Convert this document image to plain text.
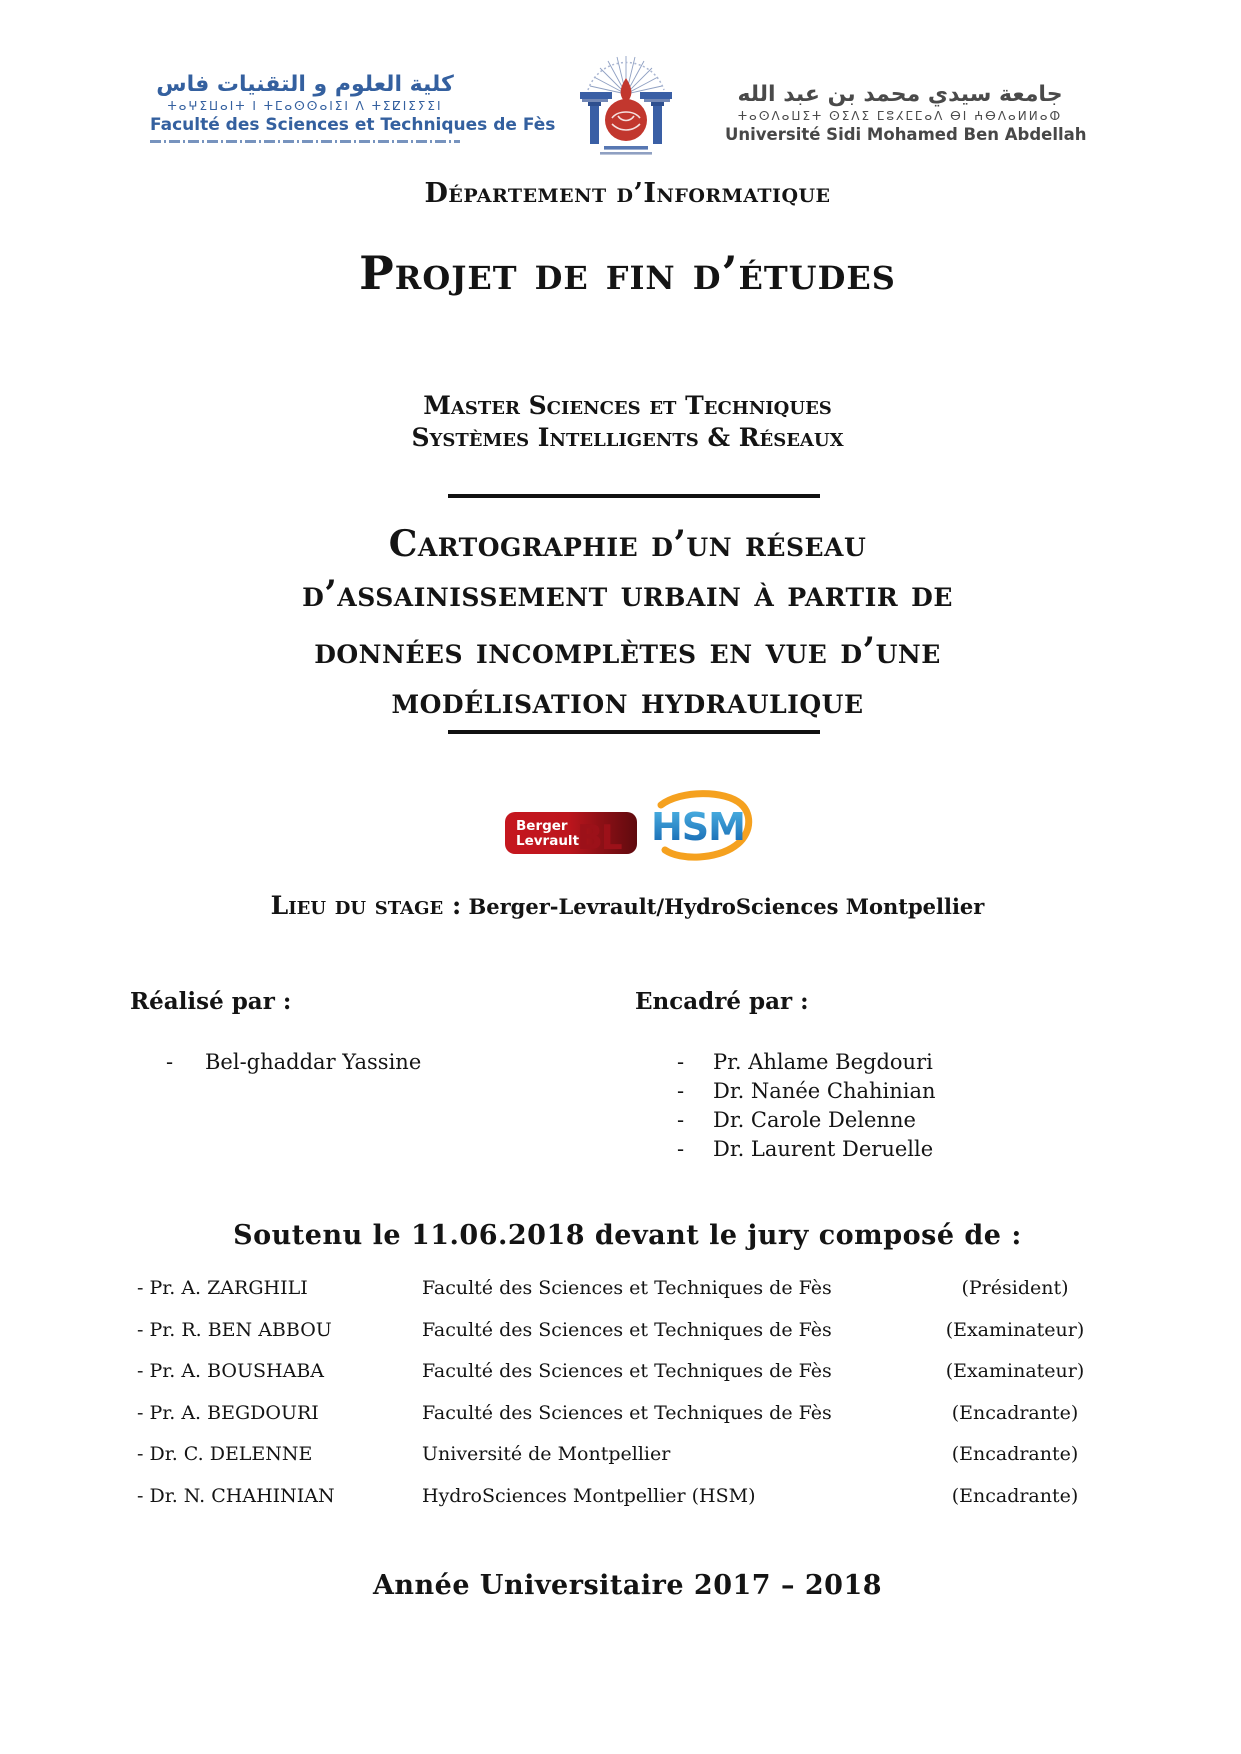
كلية العلوم و التقنيات فاس
ⵜⴰⵖⵉⵡⴰⵏⵜ ⵏ ⵜⵎⴰⵙⵙⴰⵏⵉⵏ ⴷ ⵜⵉⵇⵏⵉⵢⵉⵏ
Faculté des Sciences et Techniques de Fès
جامعة سيدي محمد بن عبد الله
ⵜⴰⵙⴷⴰⵡⵉⵜ ⵙⵉⴷⵉ ⵎⵓⵃⵎⵎⴰⴷ ⴱⵏ ⵄⴱⴷⴰⵍⵍⴰⵀ
Université Sidi Mohamed Ben Abdellah
Département d’Informatique
Projet de fin d’études
Master Sciences et Techniques
Systèmes Intelligents & Réseaux
Cartographie d’un réseau
d’assainissement urbain à partir de
données incomplètes en vue d’une
modélisation hydraulique
BL
Berger
Levrault HSM
Lieu du stage : Berger-Levrault/HydroSciences Montpellier
Réalisé par :	Encadré par :
-	Bel-ghaddar Yassine	-	Pr. Ahlame Begdouri
-	Dr. Nanée Chahinian
-	Dr. Carole Delenne
-	Dr. Laurent Deruelle
Soutenu le 11.06.2018 devant le jury composé de :
- Pr. A. ZARGHILI	Faculté des Sciences et Techniques de Fès	(Président)
- Pr. R. BEN ABBOU	Faculté des Sciences et Techniques de Fès	(Examinateur)
- Pr. A. BOUSHABA	Faculté des Sciences et Techniques de Fès	(Examinateur)
- Pr. A. BEGDOURI	Faculté des Sciences et Techniques de Fès	(Encadrante)
- Dr. C. DELENNE	Université de Montpellier	(Encadrante)
- Dr. N. CHAHINIAN	HydroSciences Montpellier (HSM)	(Encadrante)
Année Universitaire 2017 – 2018
